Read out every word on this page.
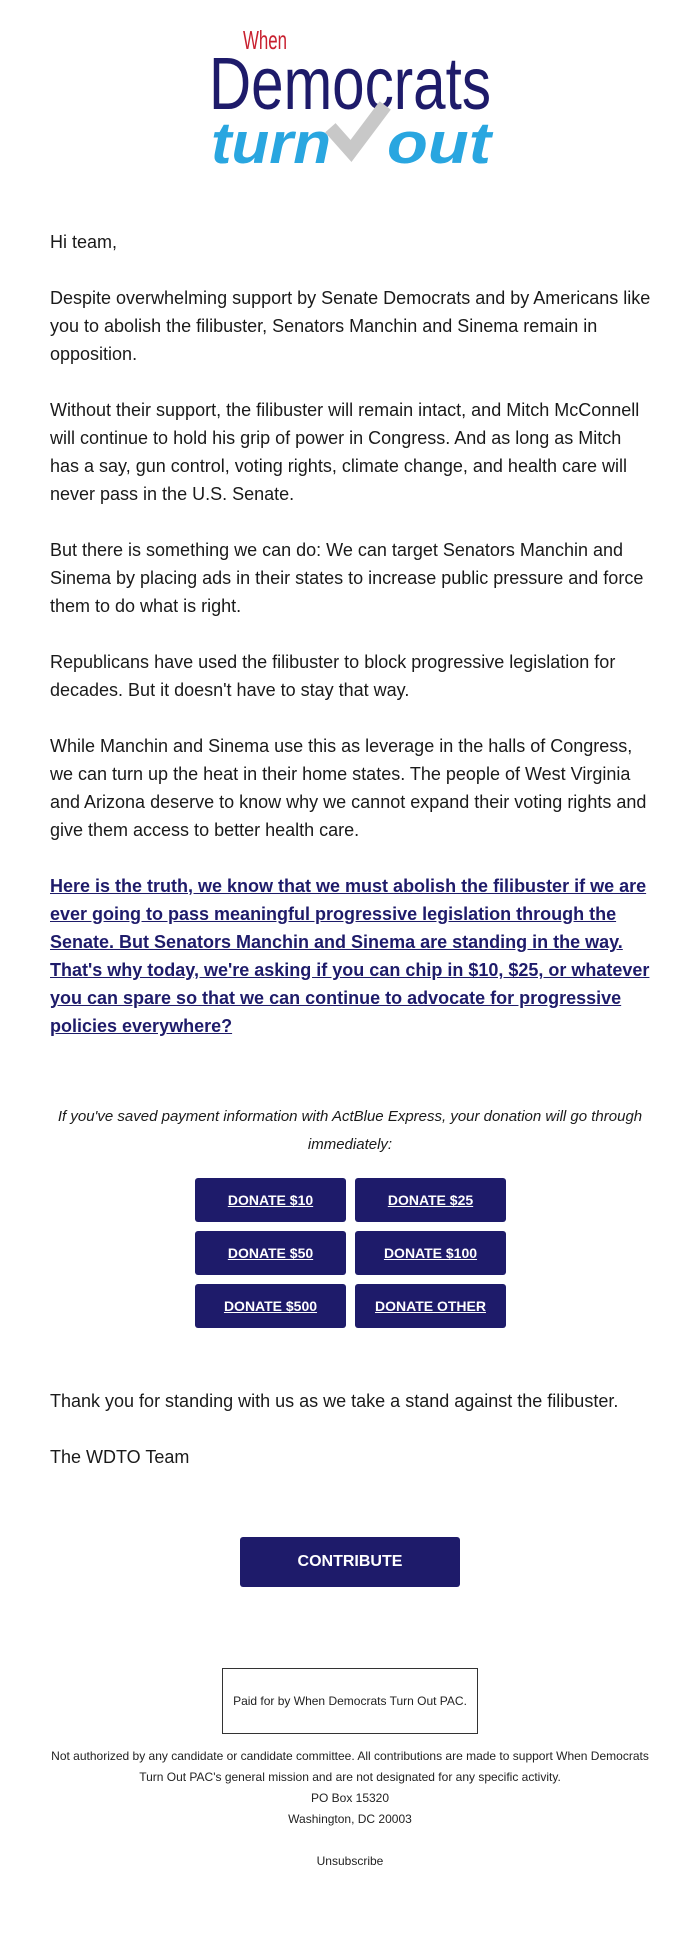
When
Democrats
turn out

Hi team,

Despite overwhelming support by Senate Democrats and by Americans like you to abolish the filibuster, Senators Manchin and Sinema remain in opposition.

Without their support, the filibuster will remain intact, and Mitch McConnell will continue to hold his grip of power in Congress. And as long as Mitch has a say, gun control, voting rights, climate change, and health care will never pass in the U.S. Senate.

But there is something we can do: We can target Senators Manchin and Sinema by placing ads in their states to increase public pressure and force them to do what is right.

Republicans have used the filibuster to block progressive legislation for decades. But it doesn't have to stay that way.

While Manchin and Sinema use this as leverage in the halls of Congress, we can turn up the heat in their home states. The people of West Virginia and Arizona deserve to know why we cannot expand their voting rights and give them access to better health care.

Here is the truth, we know that we must abolish the filibuster if we are ever going to pass meaningful progressive legislation through the Senate. But Senators Manchin and Sinema are standing in the way. That's why today, we're asking if you can chip in $10, $25, or whatever you can spare so that we can continue to advocate for progressive policies everywhere?

If you've saved payment information with ActBlue Express, your donation will go through immediately:
DONATE $10	DONATE $25
DONATE $50	DONATE $100
DONATE $500	DONATE OTHER

Thank you for standing with us as we take a stand against the filibuster.

The WDTO Team

CONTRIBUTE
Paid for by When Democrats Turn Out PAC.
Not authorized by any candidate or candidate committee. All contributions are made to support When Democrats Turn Out PAC's general mission and are not designated for any specific activity.
PO Box 15320
Washington, DC 20003
Unsubscribe
